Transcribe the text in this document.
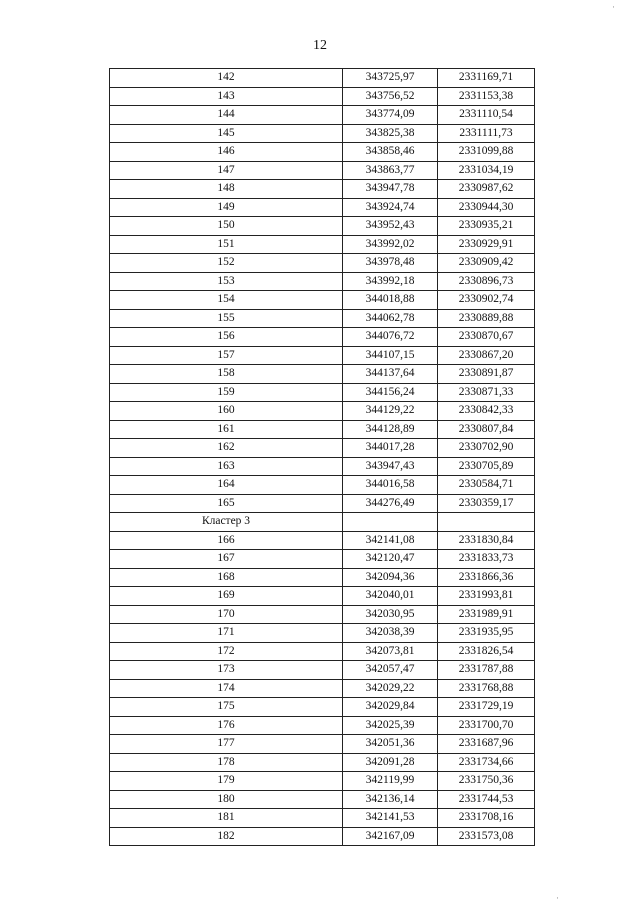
12
·
·
142	343725,97	2331169,71
143	343756,52	2331153,38
144	343774,09	2331110,54
145	343825,38	2331111,73
146	343858,46	2331099,88
147	343863,77	2331034,19
148	343947,78	2330987,62
149	343924,74	2330944,30
150	343952,43	2330935,21
151	343992,02	2330929,91
152	343978,48	2330909,42
153	343992,18	2330896,73
154	344018,88	2330902,74
155	344062,78	2330889,88
156	344076,72	2330870,67
157	344107,15	2330867,20
158	344137,64	2330891,87
159	344156,24	2330871,33
160	344129,22	2330842,33
161	344128,89	2330807,84
162	344017,28	2330702,90
163	343947,43	2330705,89
164	344016,58	2330584,71
165	344276,49	2330359,17
Кластер 3		
166	342141,08	2331830,84
167	342120,47	2331833,73
168	342094,36	2331866,36
169	342040,01	2331993,81
170	342030,95	2331989,91
171	342038,39	2331935,95
172	342073,81	2331826,54
173	342057,47	2331787,88
174	342029,22	2331768,88
175	342029,84	2331729,19
176	342025,39	2331700,70
177	342051,36	2331687,96
178	342091,28	2331734,66
179	342119,99	2331750,36
180	342136,14	2331744,53
181	342141,53	2331708,16
182	342167,09	2331573,08
